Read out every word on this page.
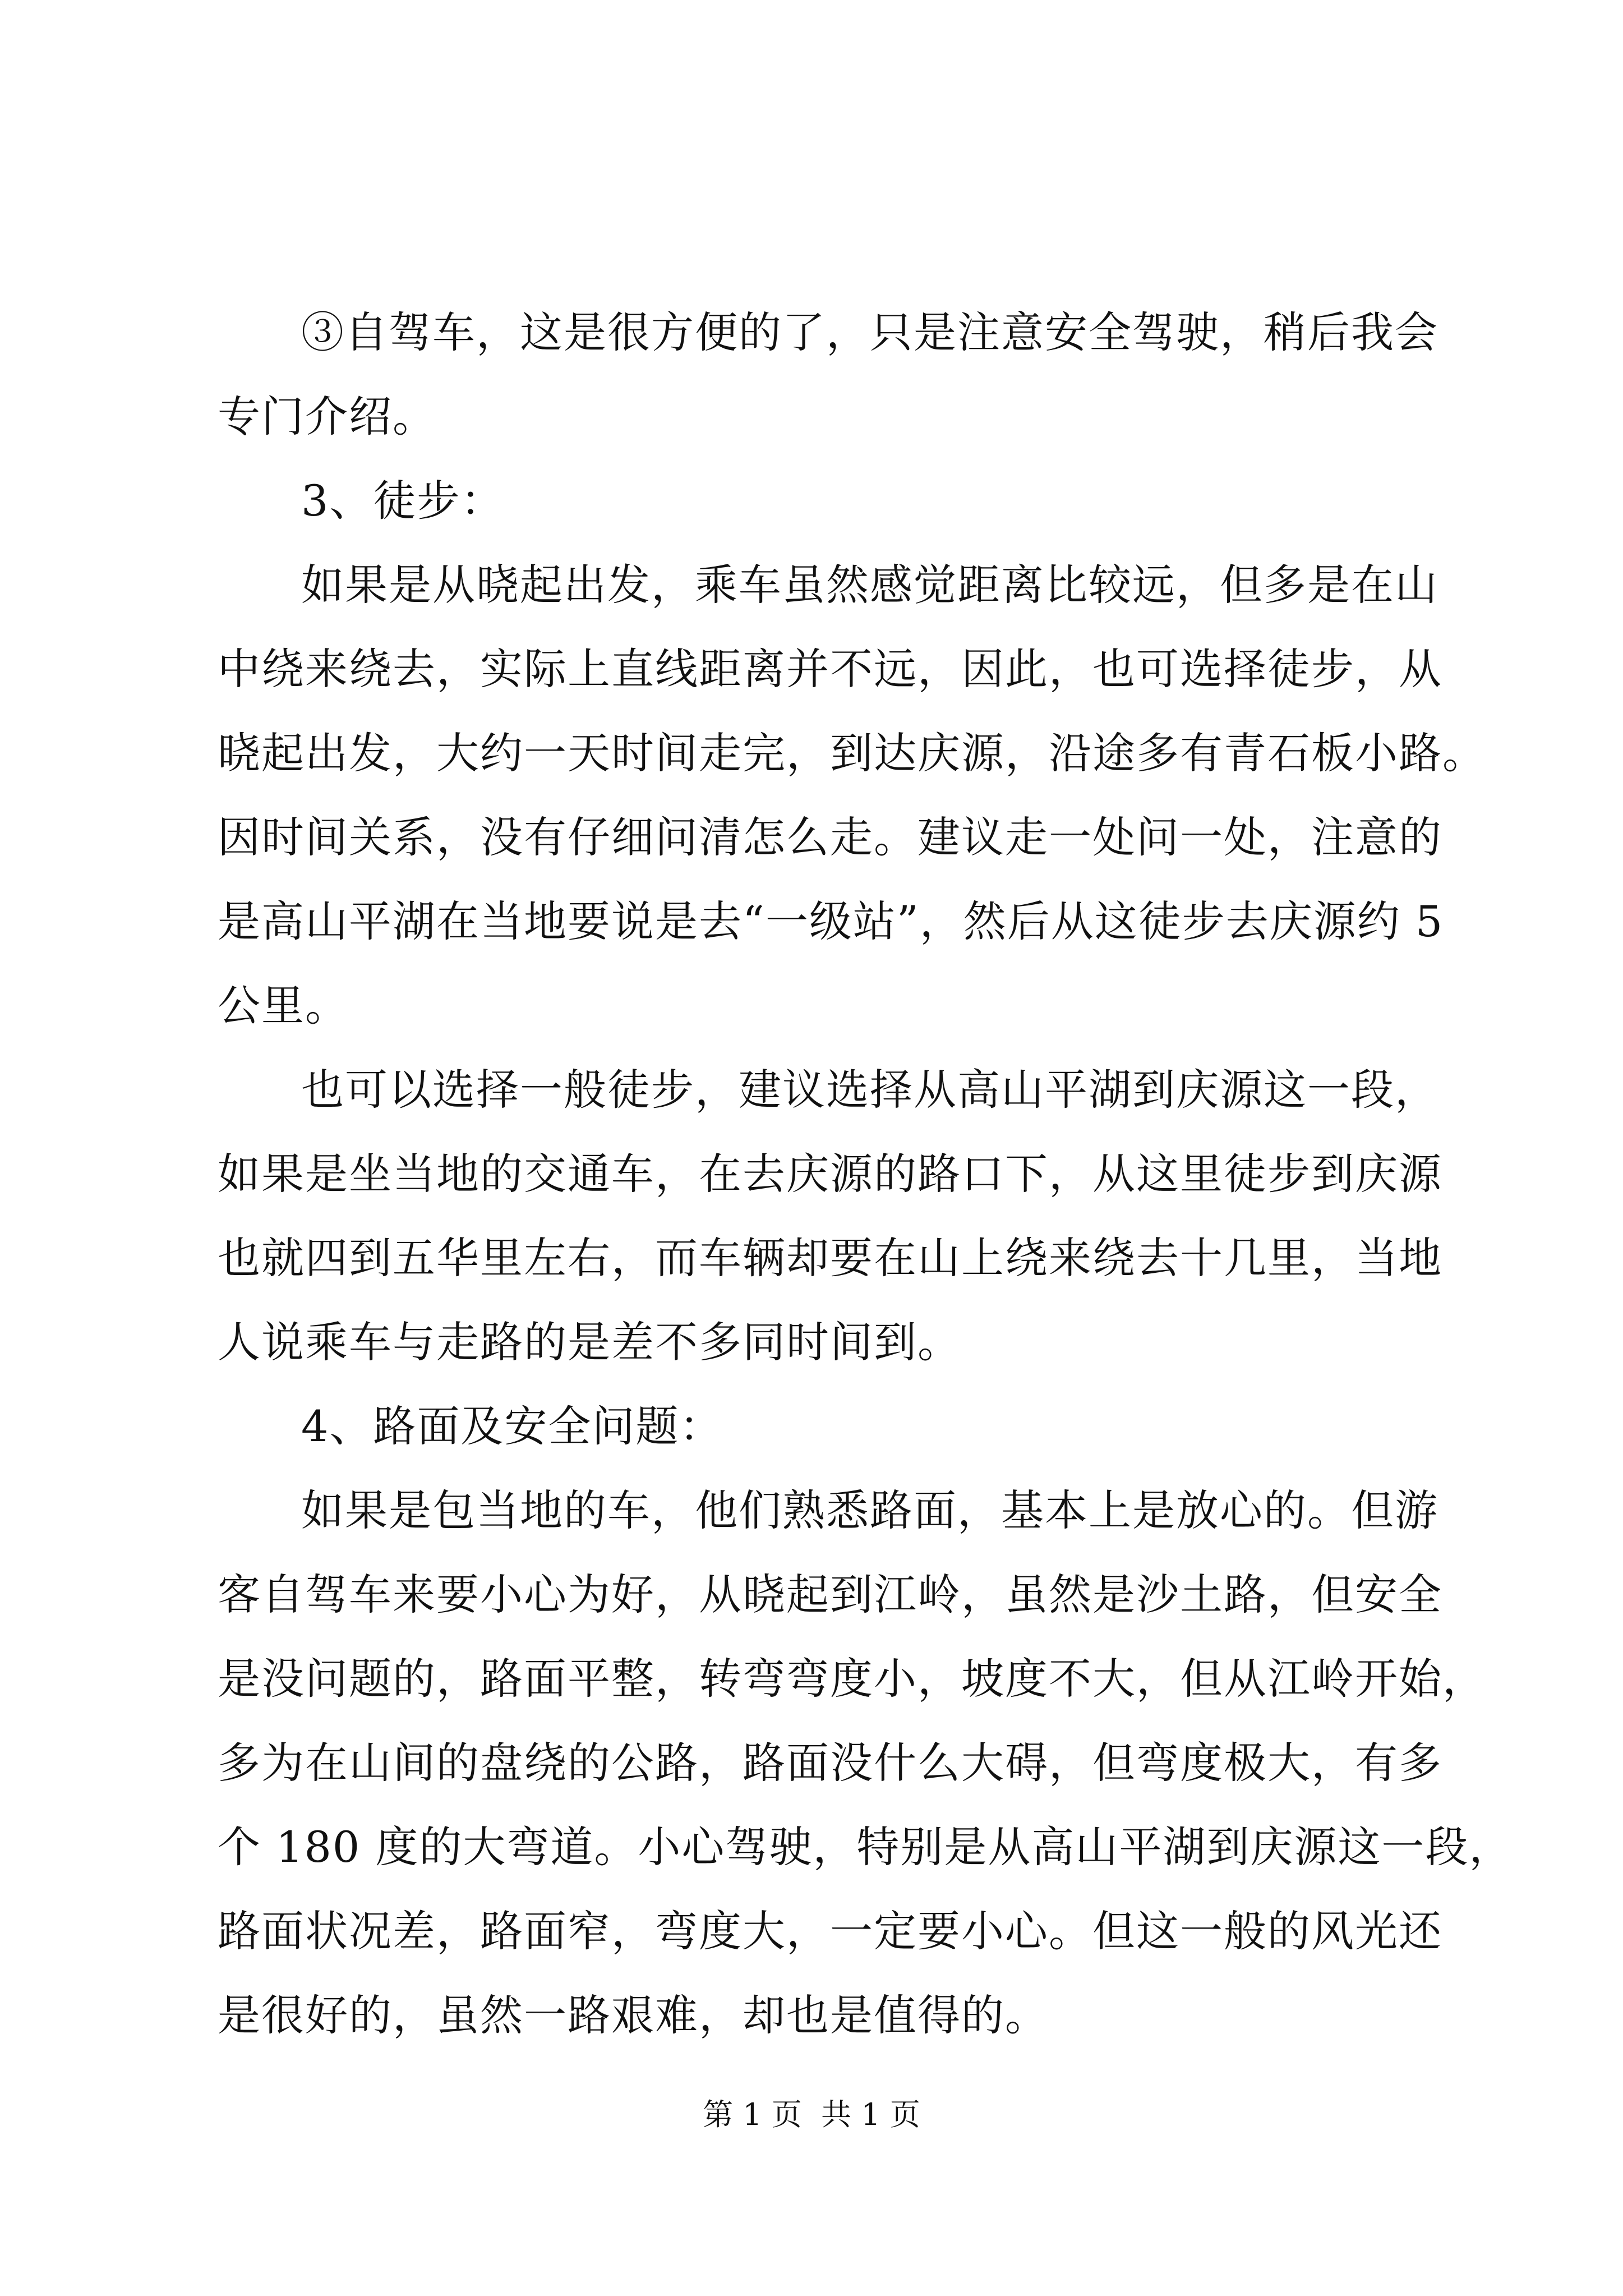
③自驾车，这是很方便的了，只是注意安全驾驶，稍后我会
专门介绍。
3、徒步：
如果是从晓起出发，乘车虽然感觉距离比较远，但多是在山
中绕来绕去，实际上直线距离并不远，因此，也可选择徒步，从
晓起出发，大约一天时间走完，到达庆源，沿途多有青石板小路。
因时间关系，没有仔细问清怎么走。建议走一处问一处，注意的
是高山平湖在当地要说是去“一级站”，然后从这徒步去庆源约 5
公里。
也可以选择一般徒步，建议选择从高山平湖到庆源这一段，
如果是坐当地的交通车，在去庆源的路口下，从这里徒步到庆源
也就四到五华里左右，而车辆却要在山上绕来绕去十几里，当地
人说乘车与走路的是差不多同时间到。
4、路面及安全问题：
如果是包当地的车，他们熟悉路面，基本上是放心的。但游
客自驾车来要小心为好，从晓起到江岭，虽然是沙土路，但安全
是没问题的，路面平整，转弯弯度小，坡度不大，但从江岭开始，
多为在山间的盘绕的公路，路面没什么大碍，但弯度极大，有多
个 180 度的大弯道。小心驾驶，特别是从高山平湖到庆源这一段，
路面状况差，路面窄，弯度大，一定要小心。但这一般的风光还
是很好的，虽然一路艰难，却也是值得的。
第 1 页  共 1 页
